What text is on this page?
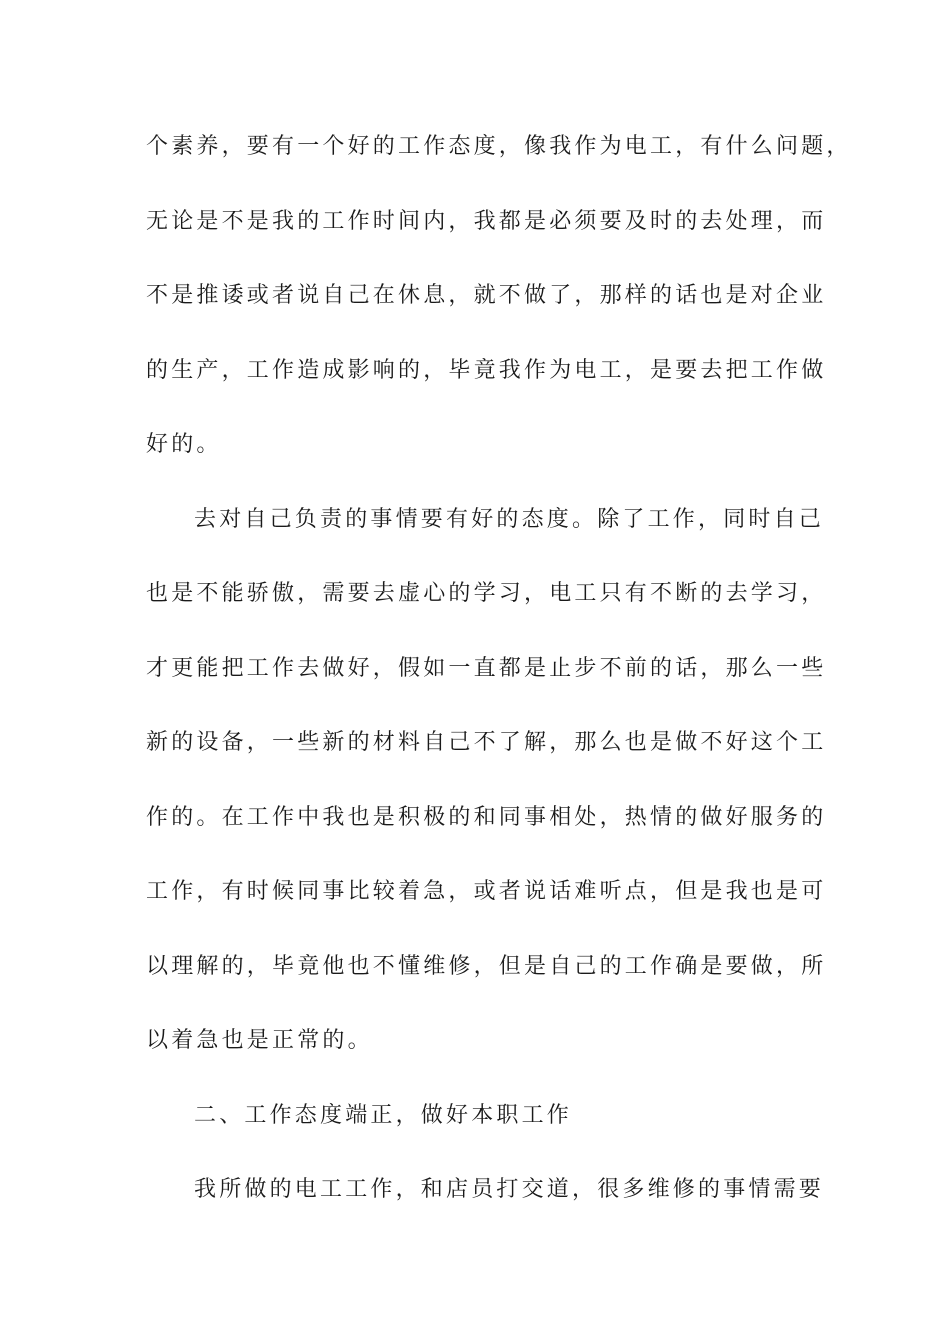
个素养，要有一个好的工作态度，像我作为电工，有什么问题，
无论是不是我的工作时间内，我都是必须要及时的去处理，而
不是推诿或者说自己在休息，就不做了，那样的话也是对企业
的生产，工作造成影响的，毕竟我作为电工，是要去把工作做
好的。
去对自己负责的事情要有好的态度。除了工作，同时自己
也是不能骄傲，需要去虚心的学习，电工只有不断的去学习，
才更能把工作去做好，假如一直都是止步不前的话，那么一些
新的设备，一些新的材料自己不了解，那么也是做不好这个工
作的。在工作中我也是积极的和同事相处，热情的做好服务的
工作，有时候同事比较着急，或者说话难听点，但是我也是可
以理解的，毕竟他也不懂维修，但是自己的工作确是要做，所
以着急也是正常的。
二、工作态度端正，做好本职工作
我所做的电工工作，和店员打交道，很多维修的事情需要
